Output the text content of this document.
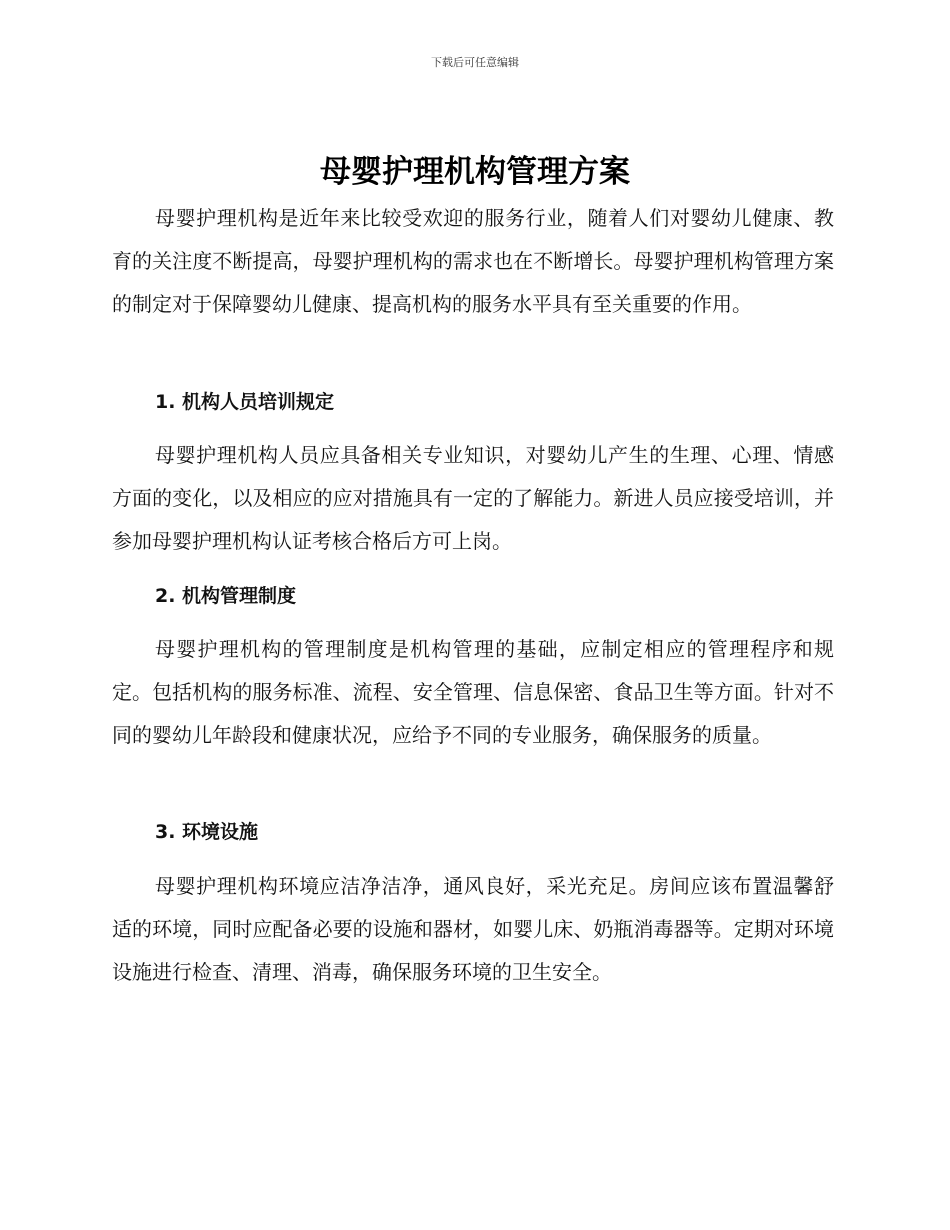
下载后可任意编辑
母婴护理机构管理方案

母婴护理机构是近年来比较受欢迎的服务行业，随着人们对婴幼儿健康、教育的关注度不断提高，母婴护理机构的需求也在不断增长。母婴护理机构管理方案的制定对于保障婴幼儿健康、提高机构的服务水平具有至关重要的作用。

1. 机构人员培训规定

母婴护理机构人员应具备相关专业知识，对婴幼儿产生的生理、心理、情感方面的变化，以及相应的应对措施具有一定的了解能力。新进人员应接受培训，并参加母婴护理机构认证考核合格后方可上岗。

2. 机构管理制度

母婴护理机构的管理制度是机构管理的基础，应制定相应的管理程序和规定。包括机构的服务标准、流程、安全管理、信息保密、食品卫生等方面。针对不同的婴幼儿年龄段和健康状况，应给予不同的专业服务，确保服务的质量。

3. 环境设施

母婴护理机构环境应洁净洁净，通风良好，采光充足。房间应该布置温馨舒适的环境，同时应配备必要的设施和器材，如婴儿床、奶瓶消毒器等。定期对环境设施进行检查、清理、消毒，确保服务环境的卫生安全。
